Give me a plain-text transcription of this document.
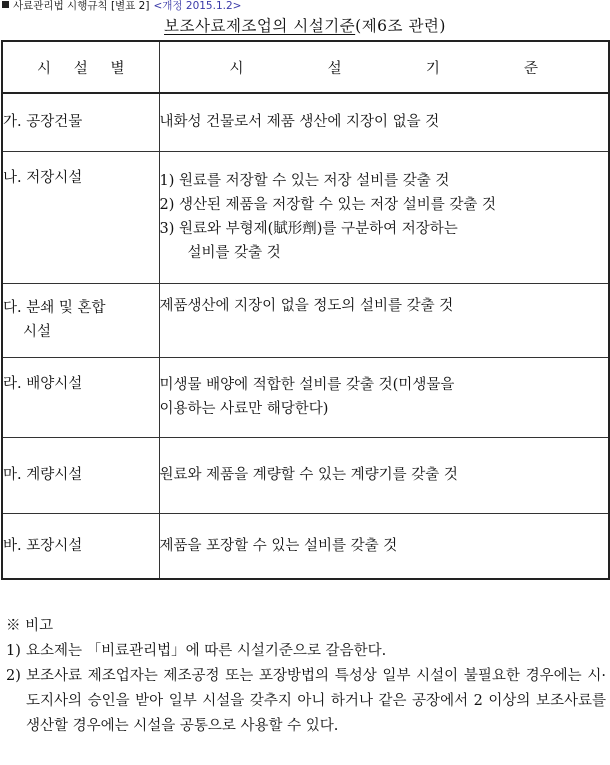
사료관리법 시행규칙 [별표 2] <개정 2015.1.2>
보조사료제조업의 시설기준(제6조 관련)
시 설 별	시 설 기 준

가. 공장건물	내화성 건물로서 제품 생산에 지장이 없을 것

나. 저장시설	1) 원료를 저장할 수 있는 저장 설비를 갖출 것
2) 생산된 제품을 저장할 수 있는 저장 설비를 갖출 것
3) 원료와 부형제(賦形劑)를 구분하여 저장하는
설비를 갖출 것

다. 분쇄 및 혼합
시설	제품생산에 지장이 없을 정도의 설비를 갖출 것

라. 배양시설	미생물 배양에 적합한 설비를 갖출 것(미생물을
이용하는 사료만 해당한다)

마. 계량시설	원료와 제품을 계량할 수 있는 계량기를 갖출 것

바. 포장시설	제품을 포장할 수 있는 설비를 갖출 것
※ 비고
1) 요소제는 「비료관리법」에 따른 시설기준으로 갈음한다.
2) 보조사료 제조업자는 제조공정 또는 포장방법의 특성상 일부 시설이 불필요한 경우에는 시·도지사의 승인을 받아 일부 시설을 갖추지 아니 하거나 같은 공장에서 2 이상의 보조사료를 생산할 경우에는 시설을 공통으로 사용할 수 있다.
